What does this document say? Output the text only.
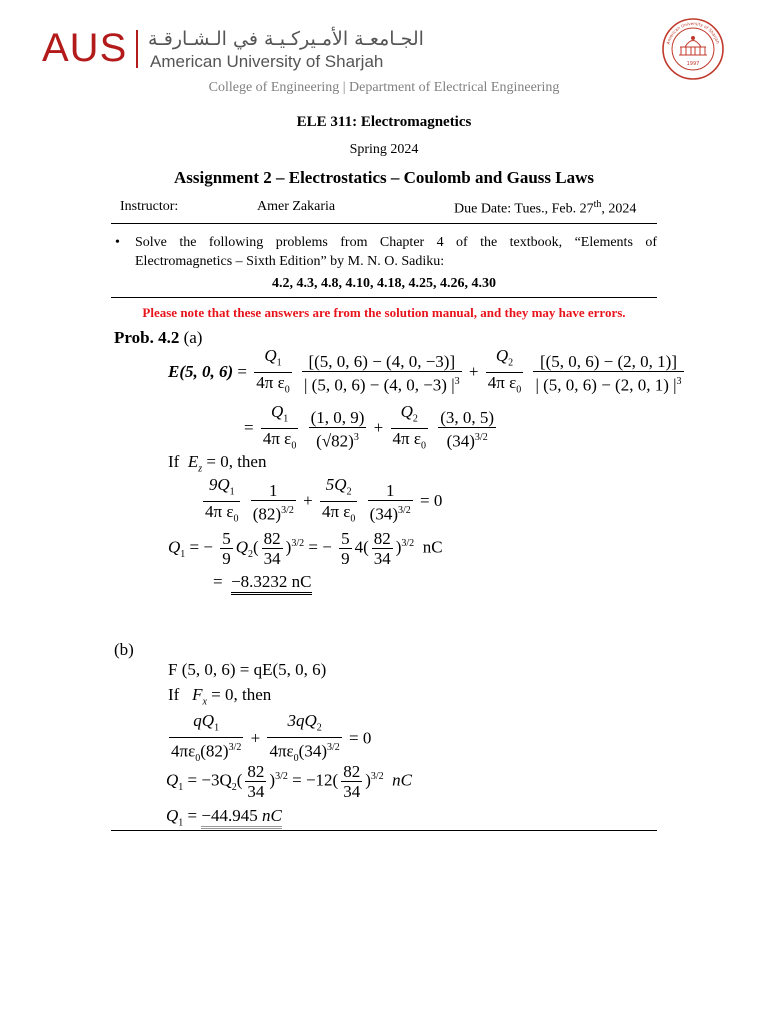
AUS الجـامعـة الأمـيركـيـة في الـشـارقـة
American University of Sharjah	1997
American University of Sharjah
College of Engineering | Department of Electrical Engineering
ELE 311: Electromagnetics
Spring 2024
Assignment 2 – Electrostatics – Coulomb and Gauss Laws
Instructor:	Amer Zakaria	Due Date: Tues., Feb. 27th, 2024
• Solve the following problems from Chapter 4 of the textbook, “Elements of Electromagnetics – Sixth Edition” by M. N. O. Sadiku:
4.2, 4.3, 4.8, 4.10, 4.18, 4.25, 4.26, 4.30
Please note that these answers are from the solution manual, and they may have errors.
Prob. 4.2 (a)
E(5, 0, $6) = \frac{Q_1}{4\pi \varepsilon_0}$
$\frac{[(5, 0, 6) - (4, 0, -3)]}{| (5, 0, 6) - (4, 0, -3) |^3} + \frac{Q_2}{4\pi \varepsilon_0}$
$\frac{[(5, 0, 6) - (2, 0, 1)]}{| (5, 0, 6) - (2, 0, 1) |^3}$
= $\frac{Q_1}{4\pi \varepsilon_0}$
$\frac{(1, 0, 9)}{(√82)^3} + \frac{Q_2}{4\pi \varepsilon_0}$
$\frac{(3, 0, 5)}{(34)^{3/2}}$
If $E_z = 0$, then
$\frac{9Q_1}{4\pi \varepsilon_0}$
$\frac{1}{(82)^{3/2}} + \frac{5Q_2}{4\pi \varepsilon_0}$
$\frac{1}{(34)^{3/2}} = 0$
$Q_1$ = − $\frac{5}{9} Q_2( \frac{82}{34} )^{3/2}$ = − $\frac{5}{9} 4( \frac{82}{34} )^{3/2}$ nC
= −8.3232 nC
(b)
F (5, 0, 6) = qE(5, 0, 6)
If $F_x = 0$, then
$\frac{qQ_1}{4\pi\varepsilon_0(82)^{3/2}} + \frac{3qQ_2}{4\pi\varepsilon_0(34)^{3/2}} = 0$
$Q_1 = -3Q_2( \frac{82}{34} )^{3/2} = -12( \frac{82}{34} )^{3/2}$ nC
$Q_1 = -44.945$ nC
